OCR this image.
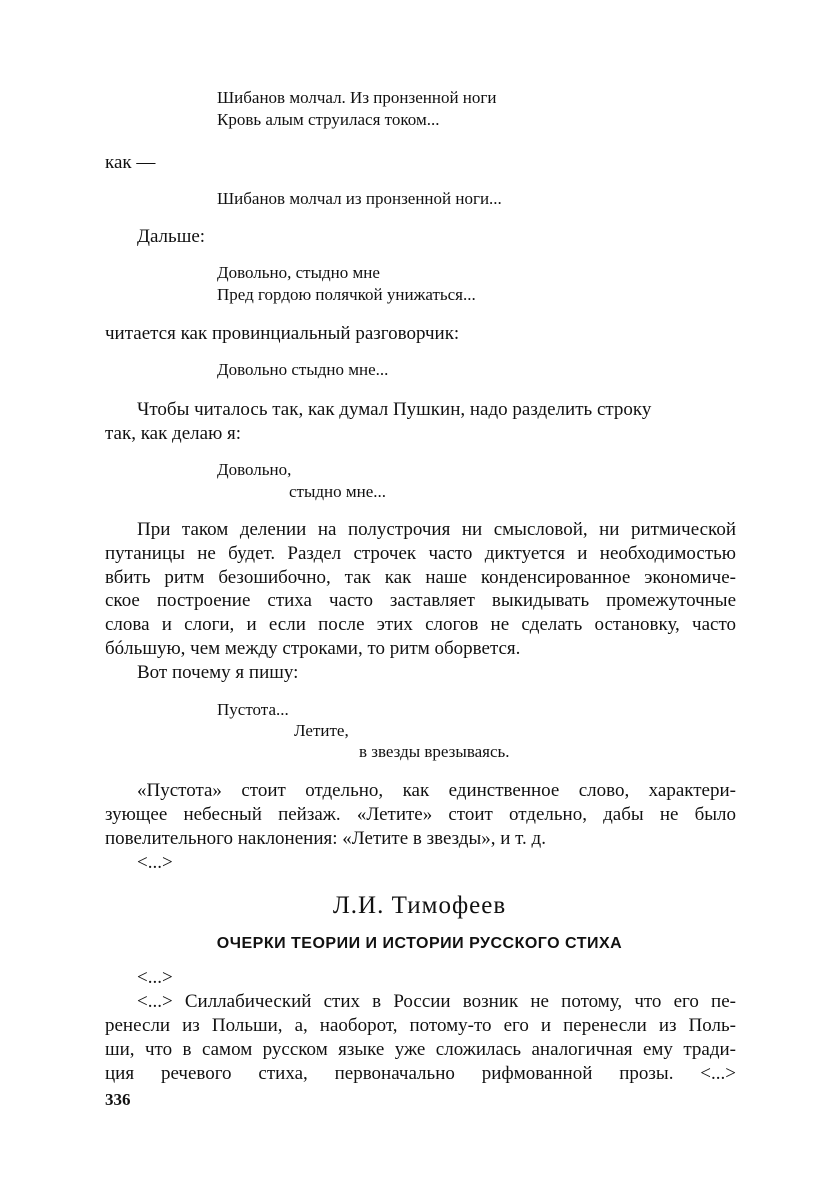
Шибанов молчал. Из пронзенной ноги
Кровь алым струилася током...
как —
Шибанов молчал из пронзенной ноги...
Дальше:
Довольно, стыдно мне
Пред гордою полячкой унижаться...
читается как провинциальный разговорчик:
Довольно стыдно мне...
Чтобы читалось так, как думал Пушкин, надо разделить строку
так, как делаю я:
Довольно,
стыдно мне...
При таком делении на полустрочия ни смысловой, ни ритмической
путаницы не будет. Раздел строчек часто диктуется и необходимостью
вбить ритм безошибочно, так как наше конденсированное экономиче-
ское построение стиха часто заставляет выкидывать промежуточные
слова и слоги, и если после этих слогов не сделать остановку, часто
бóльшую, чем между строками, то ритм оборвется.
Вот почему я пишу:
Пустота...
Летите,
в звезды врезываясь.
«Пустота» стоит отдельно, как единственное слово, характери-
зующее небесный пейзаж. «Летите» стоит отдельно, дабы не было
повелительного наклонения: «Летите в звезды», и т. д.
<...>
Л.И. Тимофеев
ОЧЕРКИ ТЕОРИИ И ИСТОРИИ РУССКОГО СТИХА
<...>
<...> Силлабический стих в России возник не потому, что его пе-
ренесли из Польши, а, наоборот, потому-то его и перенесли из Поль-
ши, что в самом русском языке уже сложилась аналогичная ему тради-
ция речевого стиха, первоначально рифмованной прозы. <...>
336
